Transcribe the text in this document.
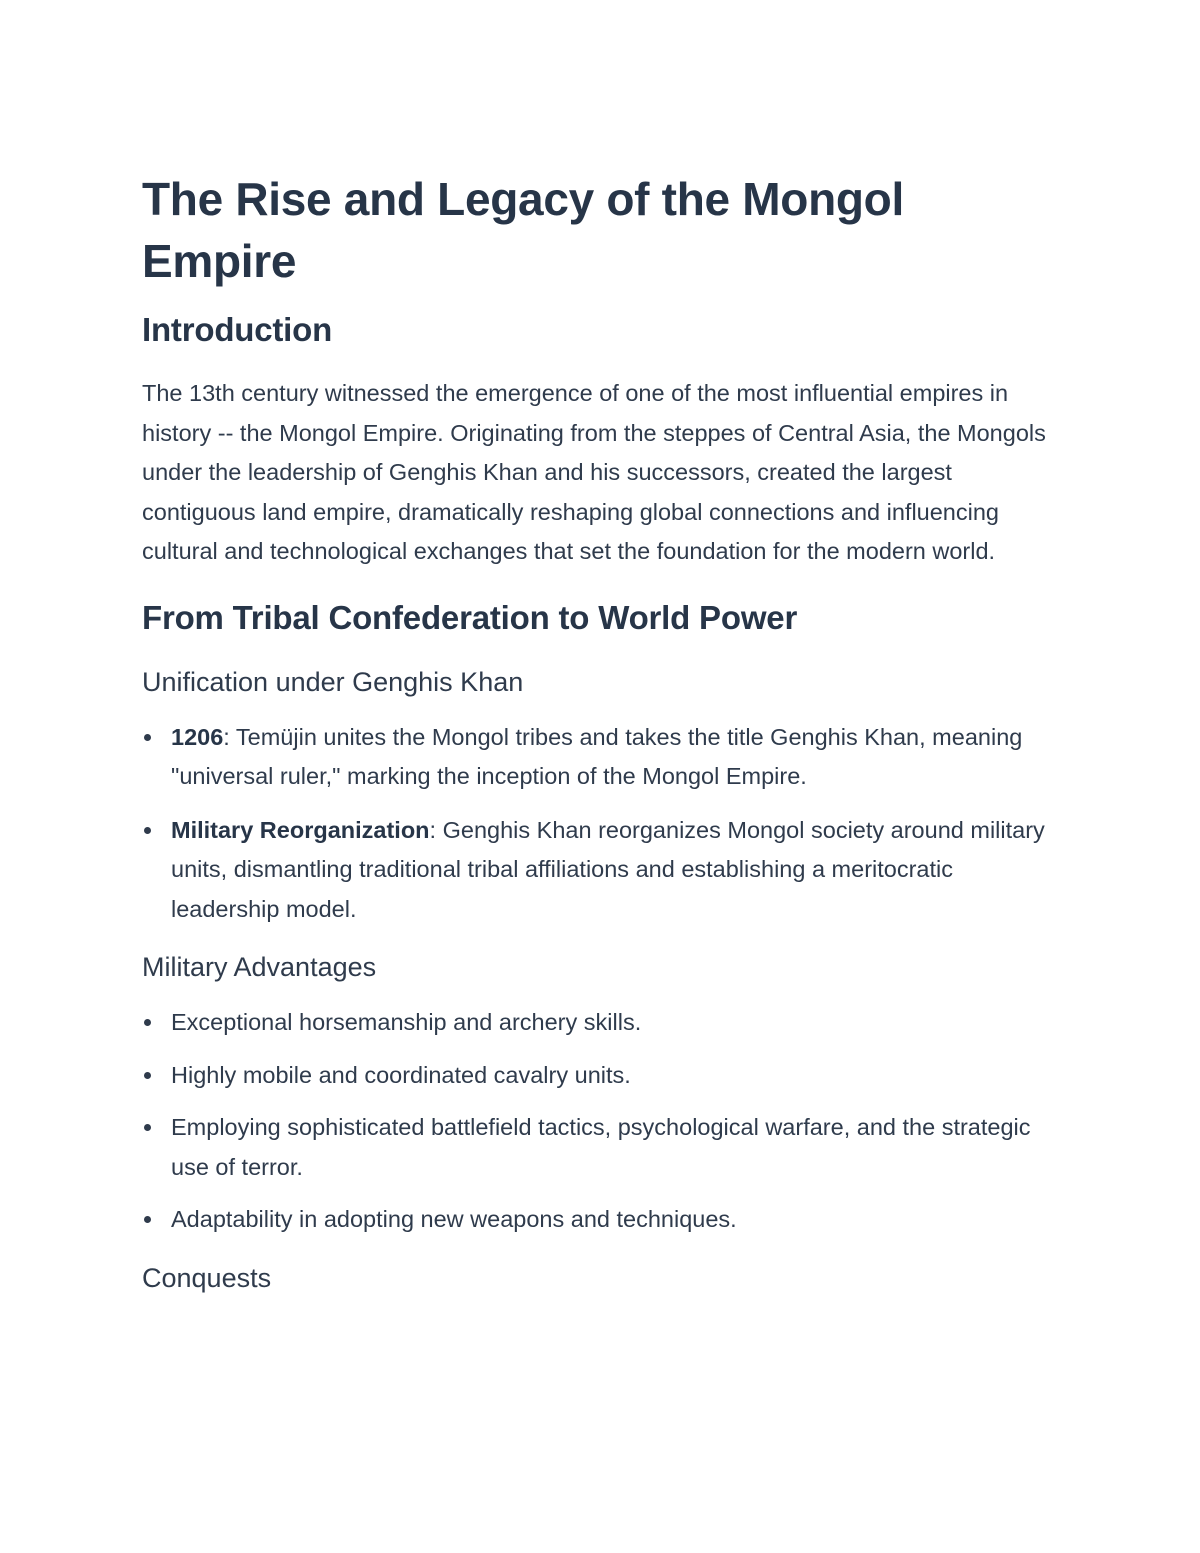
The Rise and Legacy of the Mongol Empire
Introduction

The 13th century witnessed the emergence of one of the most influential empires in history -- the Mongol Empire. Originating from the steppes of Central Asia, the Mongols under the leadership of Genghis Khan and his successors, created the largest contiguous land empire, dramatically reshaping global connections and influencing cultural and technological exchanges that set the foundation for the modern world.

From Tribal Confederation to World Power
Unification under Genghis Khan
1206: Temüjin unites the Mongol tribes and takes the title Genghis Khan, meaning "universal ruler," marking the inception of the Mongol Empire.
Military Reorganization: Genghis Khan reorganizes Mongol society around military units, dismantling traditional tribal affiliations and establishing a meritocratic leadership model.
Military Advantages
Exceptional horsemanship and archery skills.
Highly mobile and coordinated cavalry units.
Employing sophisticated battlefield tactics, psychological warfare, and the strategic use of terror.
Adaptability in adopting new weapons and techniques.
Conquests
